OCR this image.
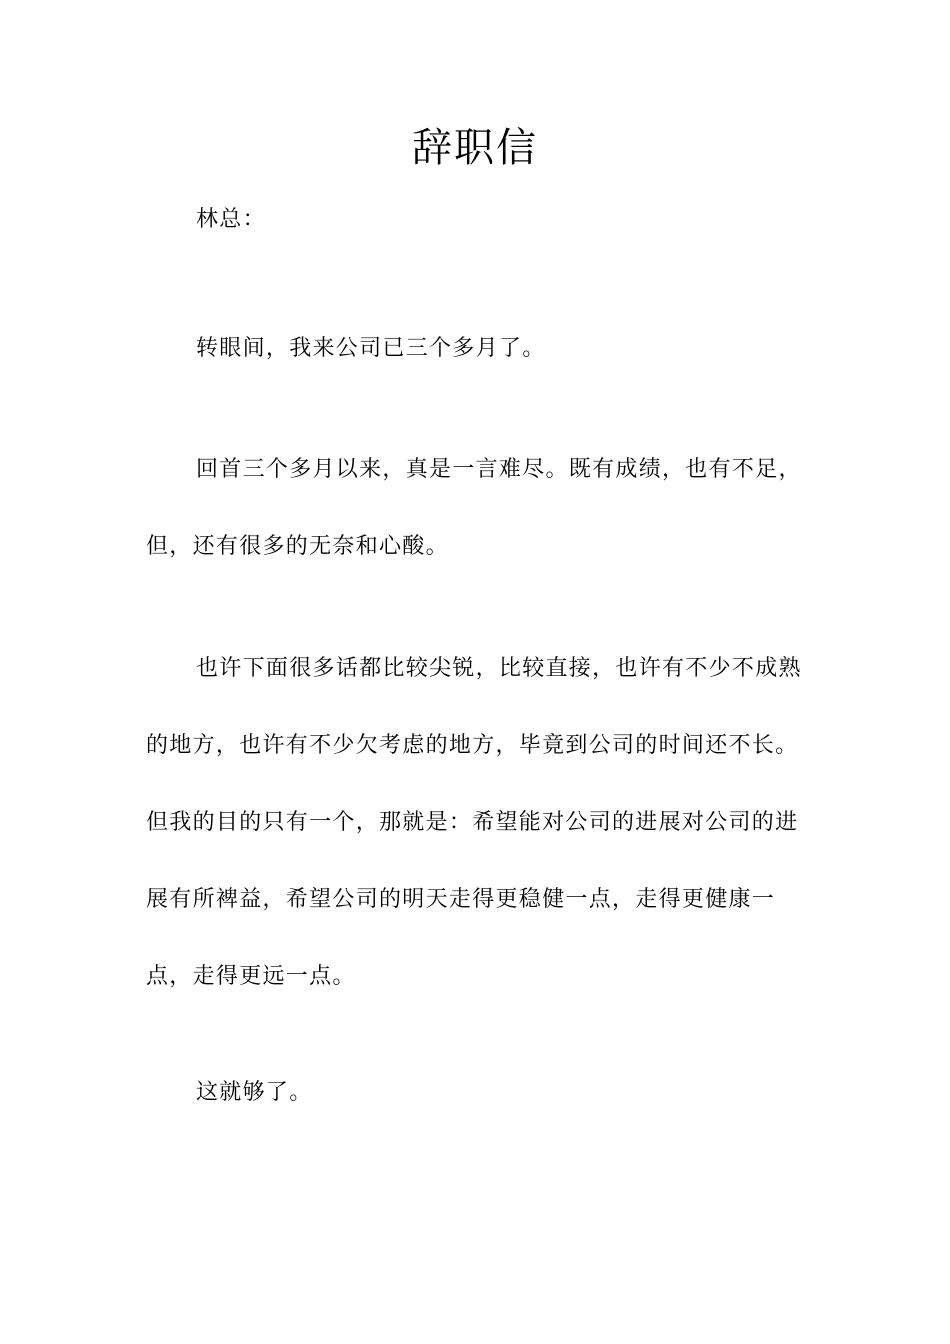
辞职信
林总：
转眼间，我来公司已三个多月了。
回首三个多月以来，真是一言难尽。既有成绩，也有不足，但，还有很多的无奈和心酸。
也许下面很多话都比较尖锐，比较直接，也许有不少不成熟的地方，也许有不少欠考虑的地方，毕竟到公司的时间还不长。但我的目的只有一个，那就是：希望能对公司的进展对公司的进展有所裨益，希望公司的明天走得更稳健一点，走得更健康一点，走得更远一点。
这就够了。
